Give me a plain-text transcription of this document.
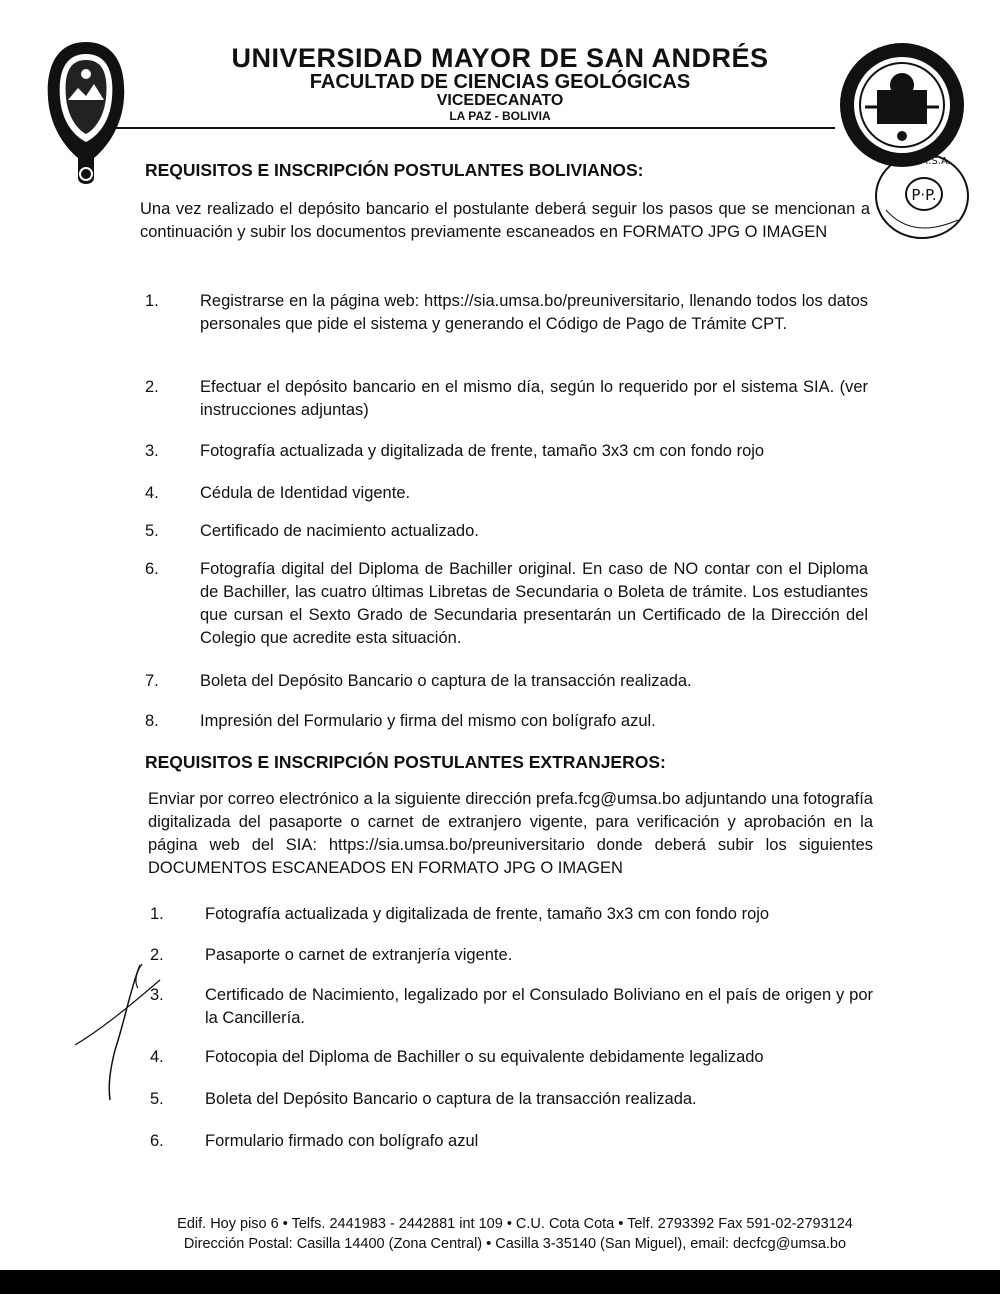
P·P.
U.M.S.A.
UNIVERSIDAD MAYOR DE SAN ANDRÉS
FACULTAD DE CIENCIAS GEOLÓGICAS
VICEDECANATO
LA PAZ - BOLIVIA
REQUISITOS E INSCRIPCIÓN POSTULANTES BOLIVIANOS:
Una vez realizado el depósito bancario el postulante deberá seguir los pasos que se mencionan a continuación y subir los documentos previamente escaneados en FORMATO JPG O IMAGEN
1.	Registrarse en la página web: https://sia.umsa.bo/preuniversitario, llenando todos los datos personales que pide el sistema y generando el Código de Pago de Trámite CPT.
2.	Efectuar el depósito bancario en el mismo día, según lo requerido por el sistema SIA. (ver instrucciones adjuntas)
3.	Fotografía actualizada y digitalizada de frente, tamaño 3x3 cm con fondo rojo
4.	Cédula de Identidad vigente.
5.	Certificado de nacimiento actualizado.
6.	Fotografía digital del Diploma de Bachiller original. En caso de NO contar con el Diploma de Bachiller, las cuatro últimas Libretas de Secundaria o Boleta de trámite. Los estudiantes que cursan el Sexto Grado de Secundaria presentarán un Certificado de la Dirección del Colegio que acredite esta situación.
7.	Boleta del Depósito Bancario o captura de la transacción realizada.
8.	Impresión del Formulario y firma del mismo con bolígrafo azul.
REQUISITOS E INSCRIPCIÓN POSTULANTES EXTRANJEROS:
Enviar por correo electrónico a la siguiente dirección prefa.fcg@umsa.bo adjuntando una fotografía digitalizada del pasaporte o carnet de extranjero vigente, para verificación y aprobación en la página web del SIA: https://sia.umsa.bo/preuniversitario donde deberá subir los siguientes DOCUMENTOS ESCANEADOS EN FORMATO JPG O IMAGEN
1.	Fotografía actualizada y digitalizada de frente, tamaño 3x3 cm con fondo rojo
2.	Pasaporte o carnet de extranjería vigente.
3.	Certificado de Nacimiento, legalizado por el Consulado Boliviano en el país de origen y por la Cancillería.
4.	Fotocopia del Diploma de Bachiller o su equivalente debidamente legalizado
5.	Boleta del Depósito Bancario o captura de la transacción realizada.
6.	Formulario firmado con bolígrafo azul
Edif. Hoy piso 6 • Telfs. 2441983 - 2442881 int 109 • C.U. Cota Cota • Telf. 2793392 Fax 591-02-2793124
Dirección Postal: Casilla 14400 (Zona Central) • Casilla 3-35140 (San Miguel), email: decfcg@umsa.bo
